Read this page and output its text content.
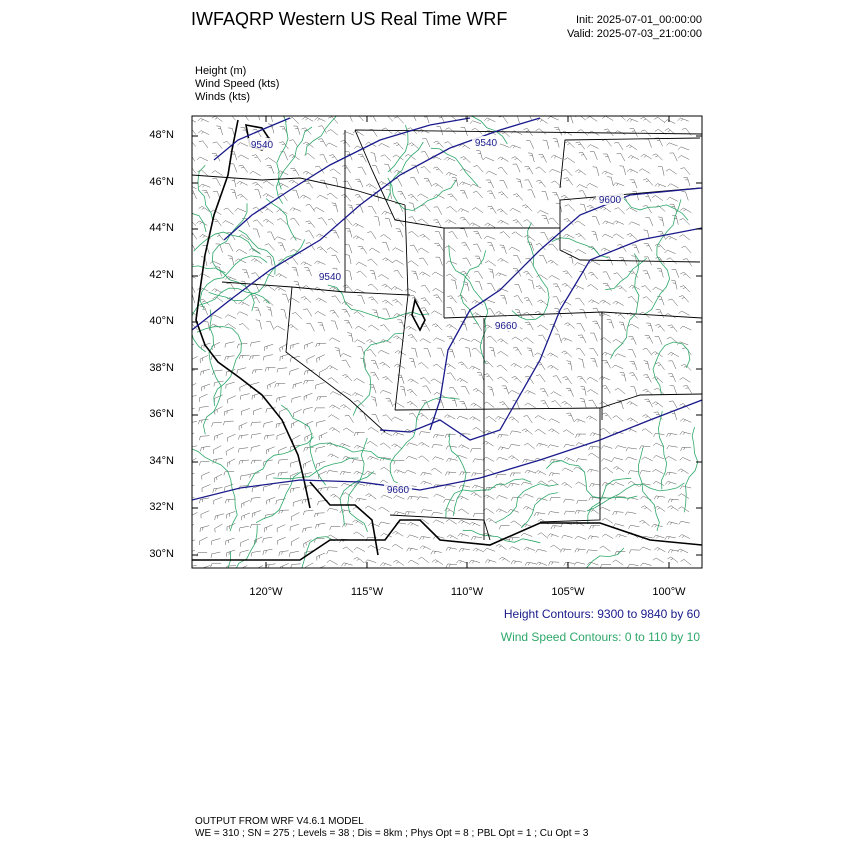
IWFAQRP Western US Real Time WRF	Init: 2025-07-01_00:00:00
Valid: 2025-07-03_21:00:00
Height (m)
Wind Speed (kts)
Winds (kts)
9540	9540
9600
9540
9660
9660
48°N
46°N
44°N
42°N
40°N
38°N
36°N
34°N
32°N
30°N
120°W	115°W	110°W	105°W	100°W
Height Contours: 9300 to 9840 by 60
Wind Speed Contours: 0 to 110 by 10
OUTPUT FROM WRF V4.6.1 MODEL
WE = 310 ; SN = 275 ; Levels = 38 ; Dis = 8km ; Phys Opt = 8 ; PBL Opt = 1 ; Cu Opt = 3
